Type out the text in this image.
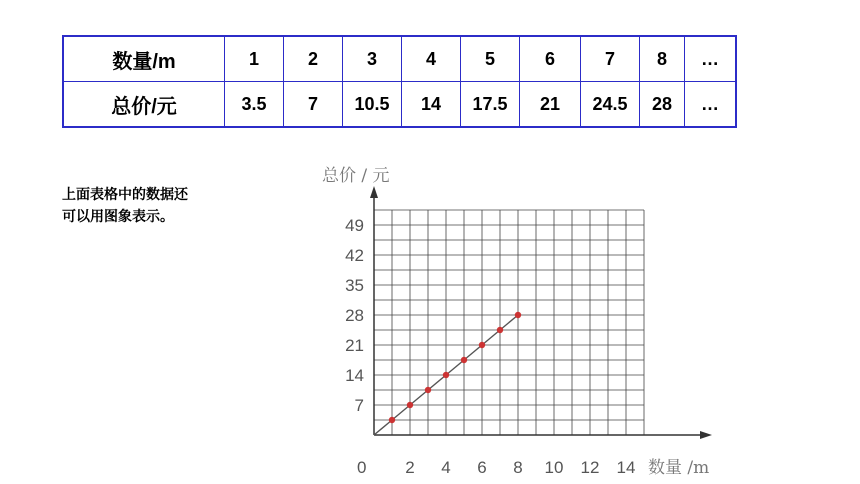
数量/m	1	2	3	4	5	6	7	8	…
总价/元	3.5	7	10.5	14	17.5	21	24.5	28	…
上面表格中的数据还
可以用图象表示。
总价 / 元
数量 /m
0 2 4 6 8 10 12 14
7
14
21
28
35
42
49
